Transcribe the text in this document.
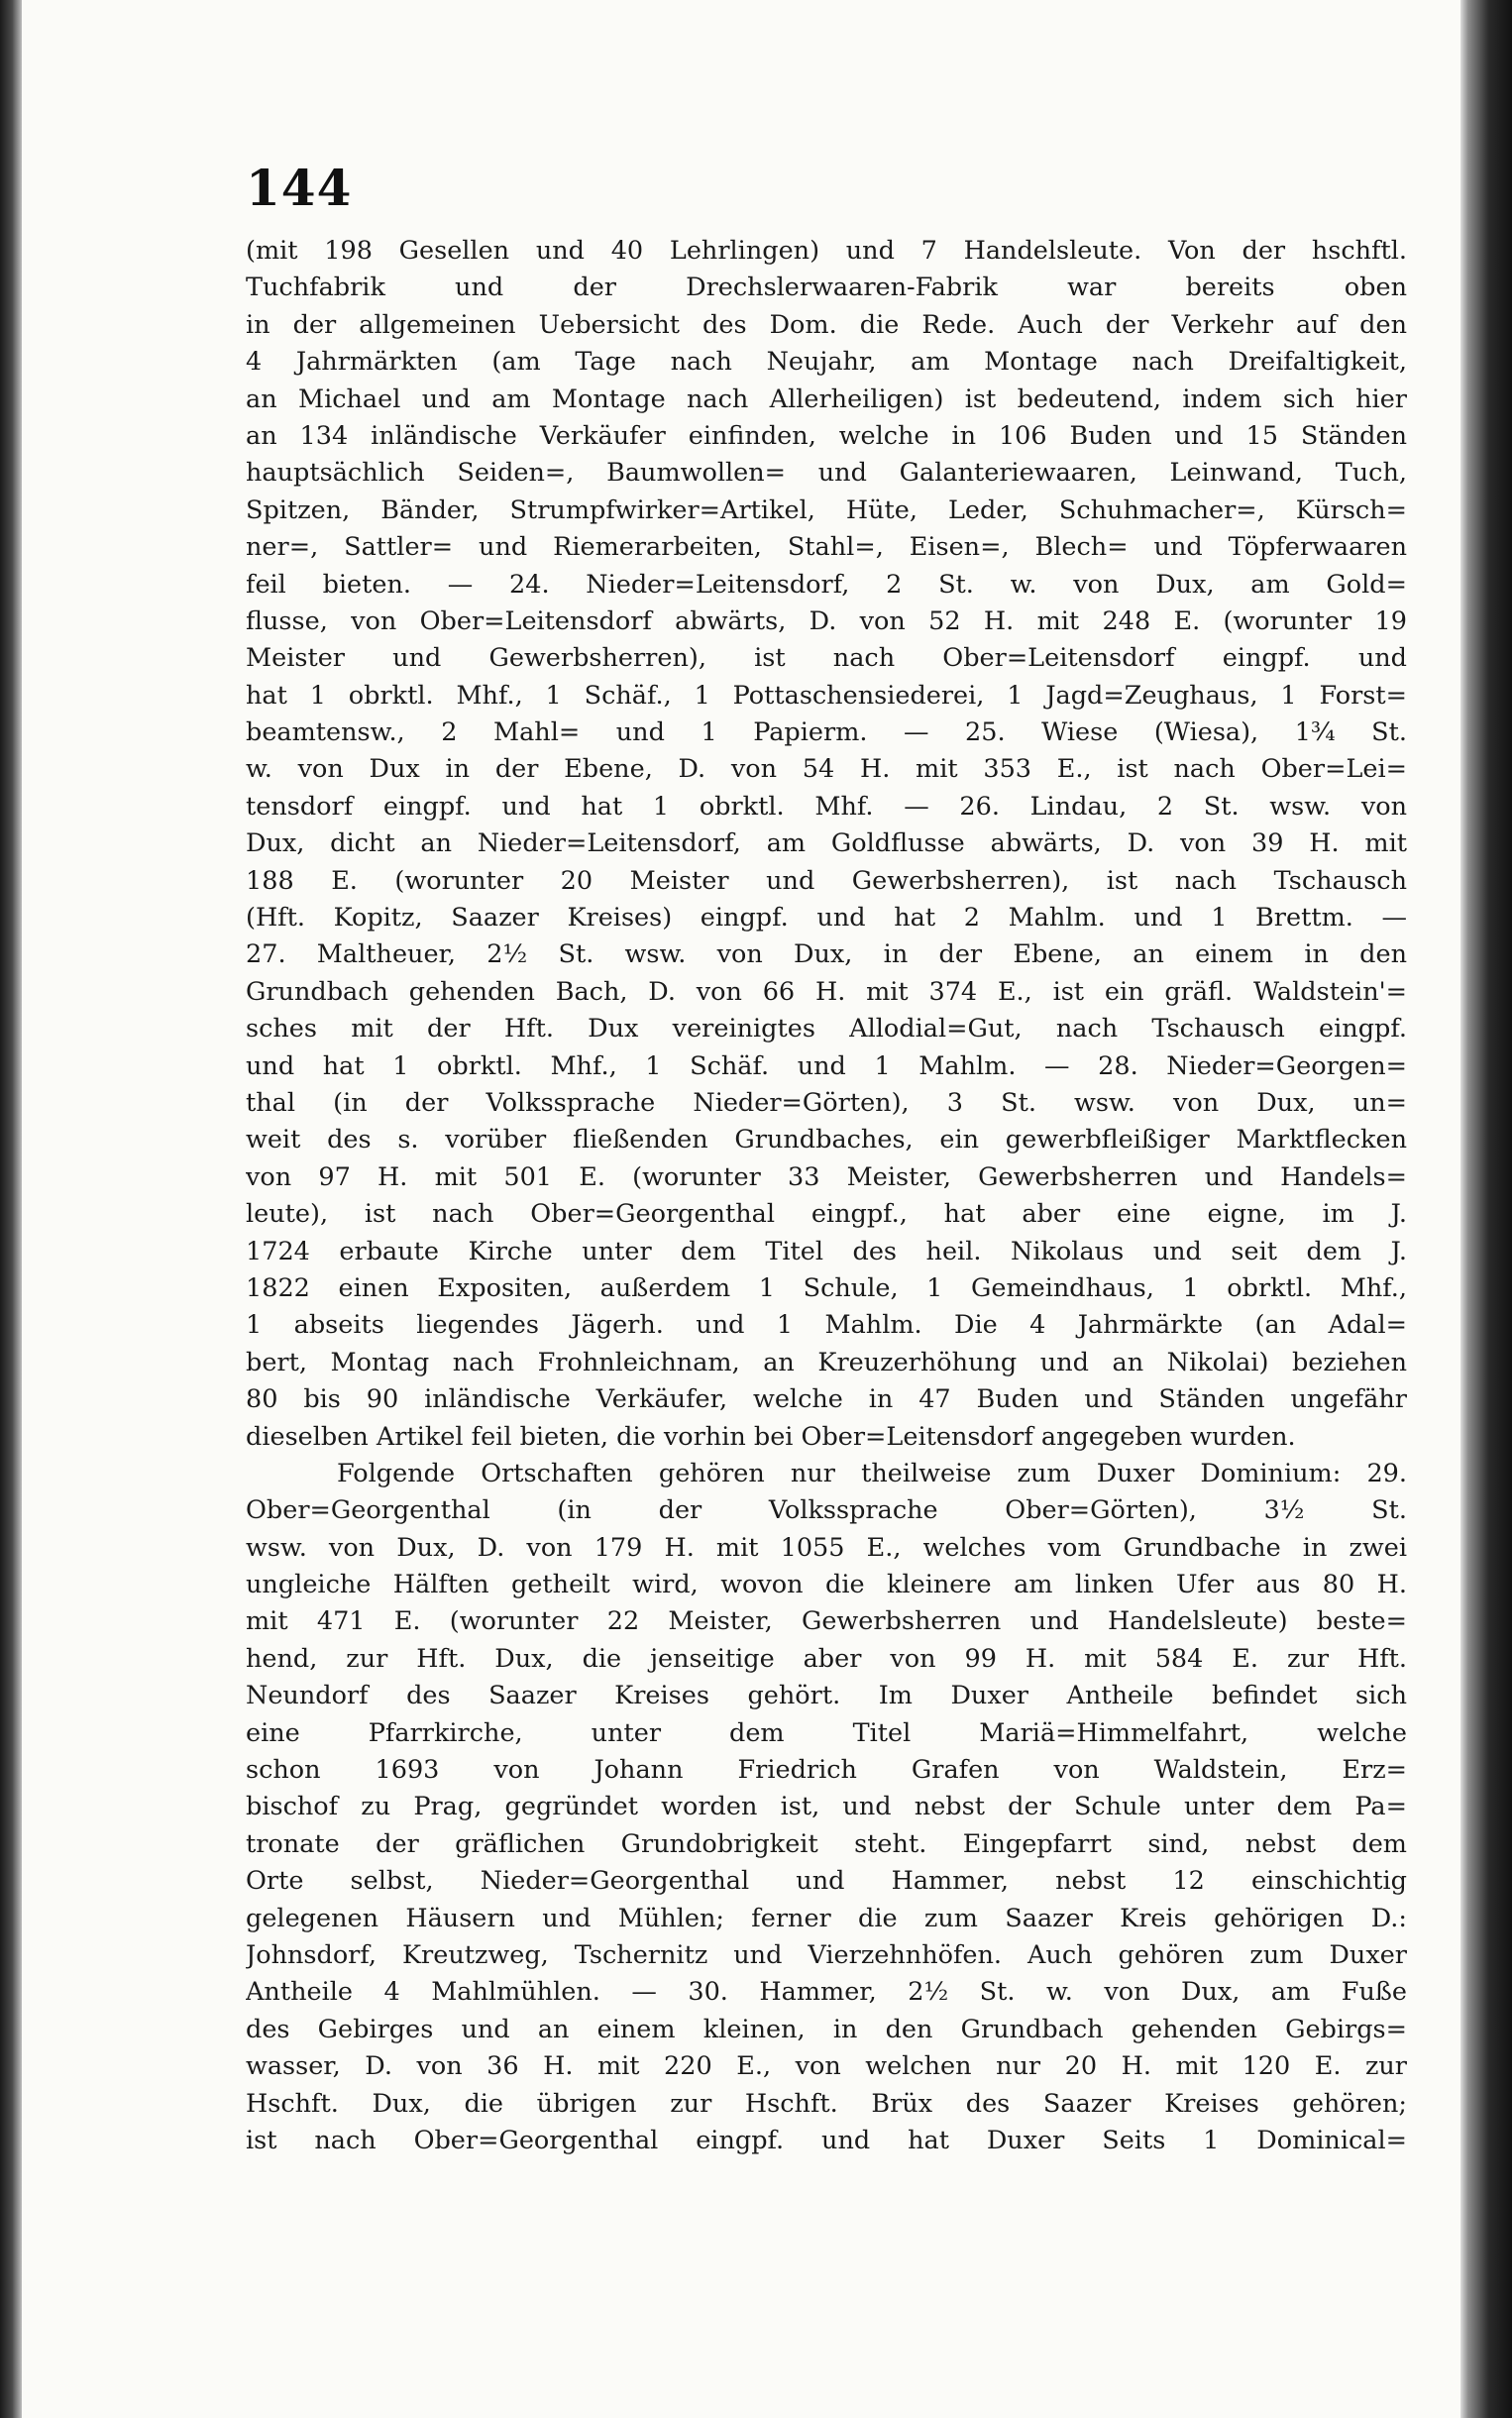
144
(mit 198 Gesellen und 40 Lehrlingen) und 7 Handelsleute. Von der hschftl.
Tuchfabrik und der Drechslerwaaren-Fabrik war bereits oben
in der allgemeinen Uebersicht des Dom. die Rede. Auch der Verkehr auf den
4 Jahrmärkten (am Tage nach Neujahr, am Montage nach Dreifaltigkeit,
an Michael und am Montage nach Allerheiligen) ist bedeutend, indem sich hier
an 134 inländische Verkäufer einfinden, welche in 106 Buden und 15 Ständen
hauptsächlich Seiden=, Baumwollen= und Galanteriewaaren, Leinwand, Tuch,
Spitzen, Bänder, Strumpfwirker=Artikel, Hüte, Leder, Schuhmacher=, Kürsch=
ner=, Sattler= und Riemerarbeiten, Stahl=, Eisen=, Blech= und Töpferwaaren
feil bieten. — 24. Nieder=Leitensdorf, 2 St. w. von Dux, am Gold=
flusse, von Ober=Leitensdorf abwärts, D. von 52 H. mit 248 E. (worunter 19
Meister und Gewerbsherren), ist nach Ober=Leitensdorf eingpf. und
hat 1 obrktl. Mhf., 1 Schäf., 1 Pottaschensiederei, 1 Jagd=Zeughaus, 1 Forst=
beamtensw., 2 Mahl= und 1 Papierm. — 25. Wiese (Wiesa), 1¾ St.
w. von Dux in der Ebene, D. von 54 H. mit 353 E., ist nach Ober=Lei=
tensdorf eingpf. und hat 1 obrktl. Mhf. — 26. Lindau, 2 St. wsw. von
Dux, dicht an Nieder=Leitensdorf, am Goldflusse abwärts, D. von 39 H. mit
188 E. (worunter 20 Meister und Gewerbsherren), ist nach Tschausch
(Hft. Kopitz, Saazer Kreises) eingpf. und hat 2 Mahlm. und 1 Brettm. —
27. Maltheuer, 2½ St. wsw. von Dux, in der Ebene, an einem in den
Grundbach gehenden Bach, D. von 66 H. mit 374 E., ist ein gräfl. Waldstein'=
sches mit der Hft. Dux vereinigtes Allodial=Gut, nach Tschausch eingpf.
und hat 1 obrktl. Mhf., 1 Schäf. und 1 Mahlm. — 28. Nieder=Georgen=
thal (in der Volkssprache Nieder=Görten), 3 St. wsw. von Dux, un=
weit des s. vorüber fließenden Grundbaches, ein gewerbfleißiger Marktflecken
von 97 H. mit 501 E. (worunter 33 Meister, Gewerbsherren und Handels=
leute), ist nach Ober=Georgenthal eingpf., hat aber eine eigne, im J.
1724 erbaute Kirche unter dem Titel des heil. Nikolaus und seit dem J.
1822 einen Expositen, außerdem 1 Schule, 1 Gemeindhaus, 1 obrktl. Mhf.,
1 abseits liegendes Jägerh. und 1 Mahlm. Die 4 Jahrmärkte (an Adal=
bert, Montag nach Frohnleichnam, an Kreuzerhöhung und an Nikolai) beziehen
80 bis 90 inländische Verkäufer, welche in 47 Buden und Ständen ungefähr
dieselben Artikel feil bieten, die vorhin bei Ober=Leitensdorf angegeben wurden.
Folgende Ortschaften gehören nur theilweise zum Duxer Dominium: 29.
Ober=Georgenthal (in der Volkssprache Ober=Görten), 3½ St.
wsw. von Dux, D. von 179 H. mit 1055 E., welches vom Grundbache in zwei
ungleiche Hälften getheilt wird, wovon die kleinere am linken Ufer aus 80 H.
mit 471 E. (worunter 22 Meister, Gewerbsherren und Handelsleute) beste=
hend, zur Hft. Dux, die jenseitige aber von 99 H. mit 584 E. zur Hft.
Neundorf des Saazer Kreises gehört. Im Duxer Antheile befindet sich
eine Pfarrkirche, unter dem Titel Mariä=Himmelfahrt, welche
schon 1693 von Johann Friedrich Grafen von Waldstein, Erz=
bischof zu Prag, gegründet worden ist, und nebst der Schule unter dem Pa=
tronate der gräflichen Grundobrigkeit steht. Eingepfarrt sind, nebst dem
Orte selbst, Nieder=Georgenthal und Hammer, nebst 12 einschichtig
gelegenen Häusern und Mühlen; ferner die zum Saazer Kreis gehörigen D.:
Johnsdorf, Kreutzweg, Tschernitz und Vierzehnhöfen. Auch gehören zum Duxer
Antheile 4 Mahlmühlen. — 30. Hammer, 2½ St. w. von Dux, am Fuße
des Gebirges und an einem kleinen, in den Grundbach gehenden Gebirgs=
wasser, D. von 36 H. mit 220 E., von welchen nur 20 H. mit 120 E. zur
Hschft. Dux, die übrigen zur Hschft. Brüx des Saazer Kreises gehören;
ist nach Ober=Georgenthal eingpf. und hat Duxer Seits 1 Dominical=
